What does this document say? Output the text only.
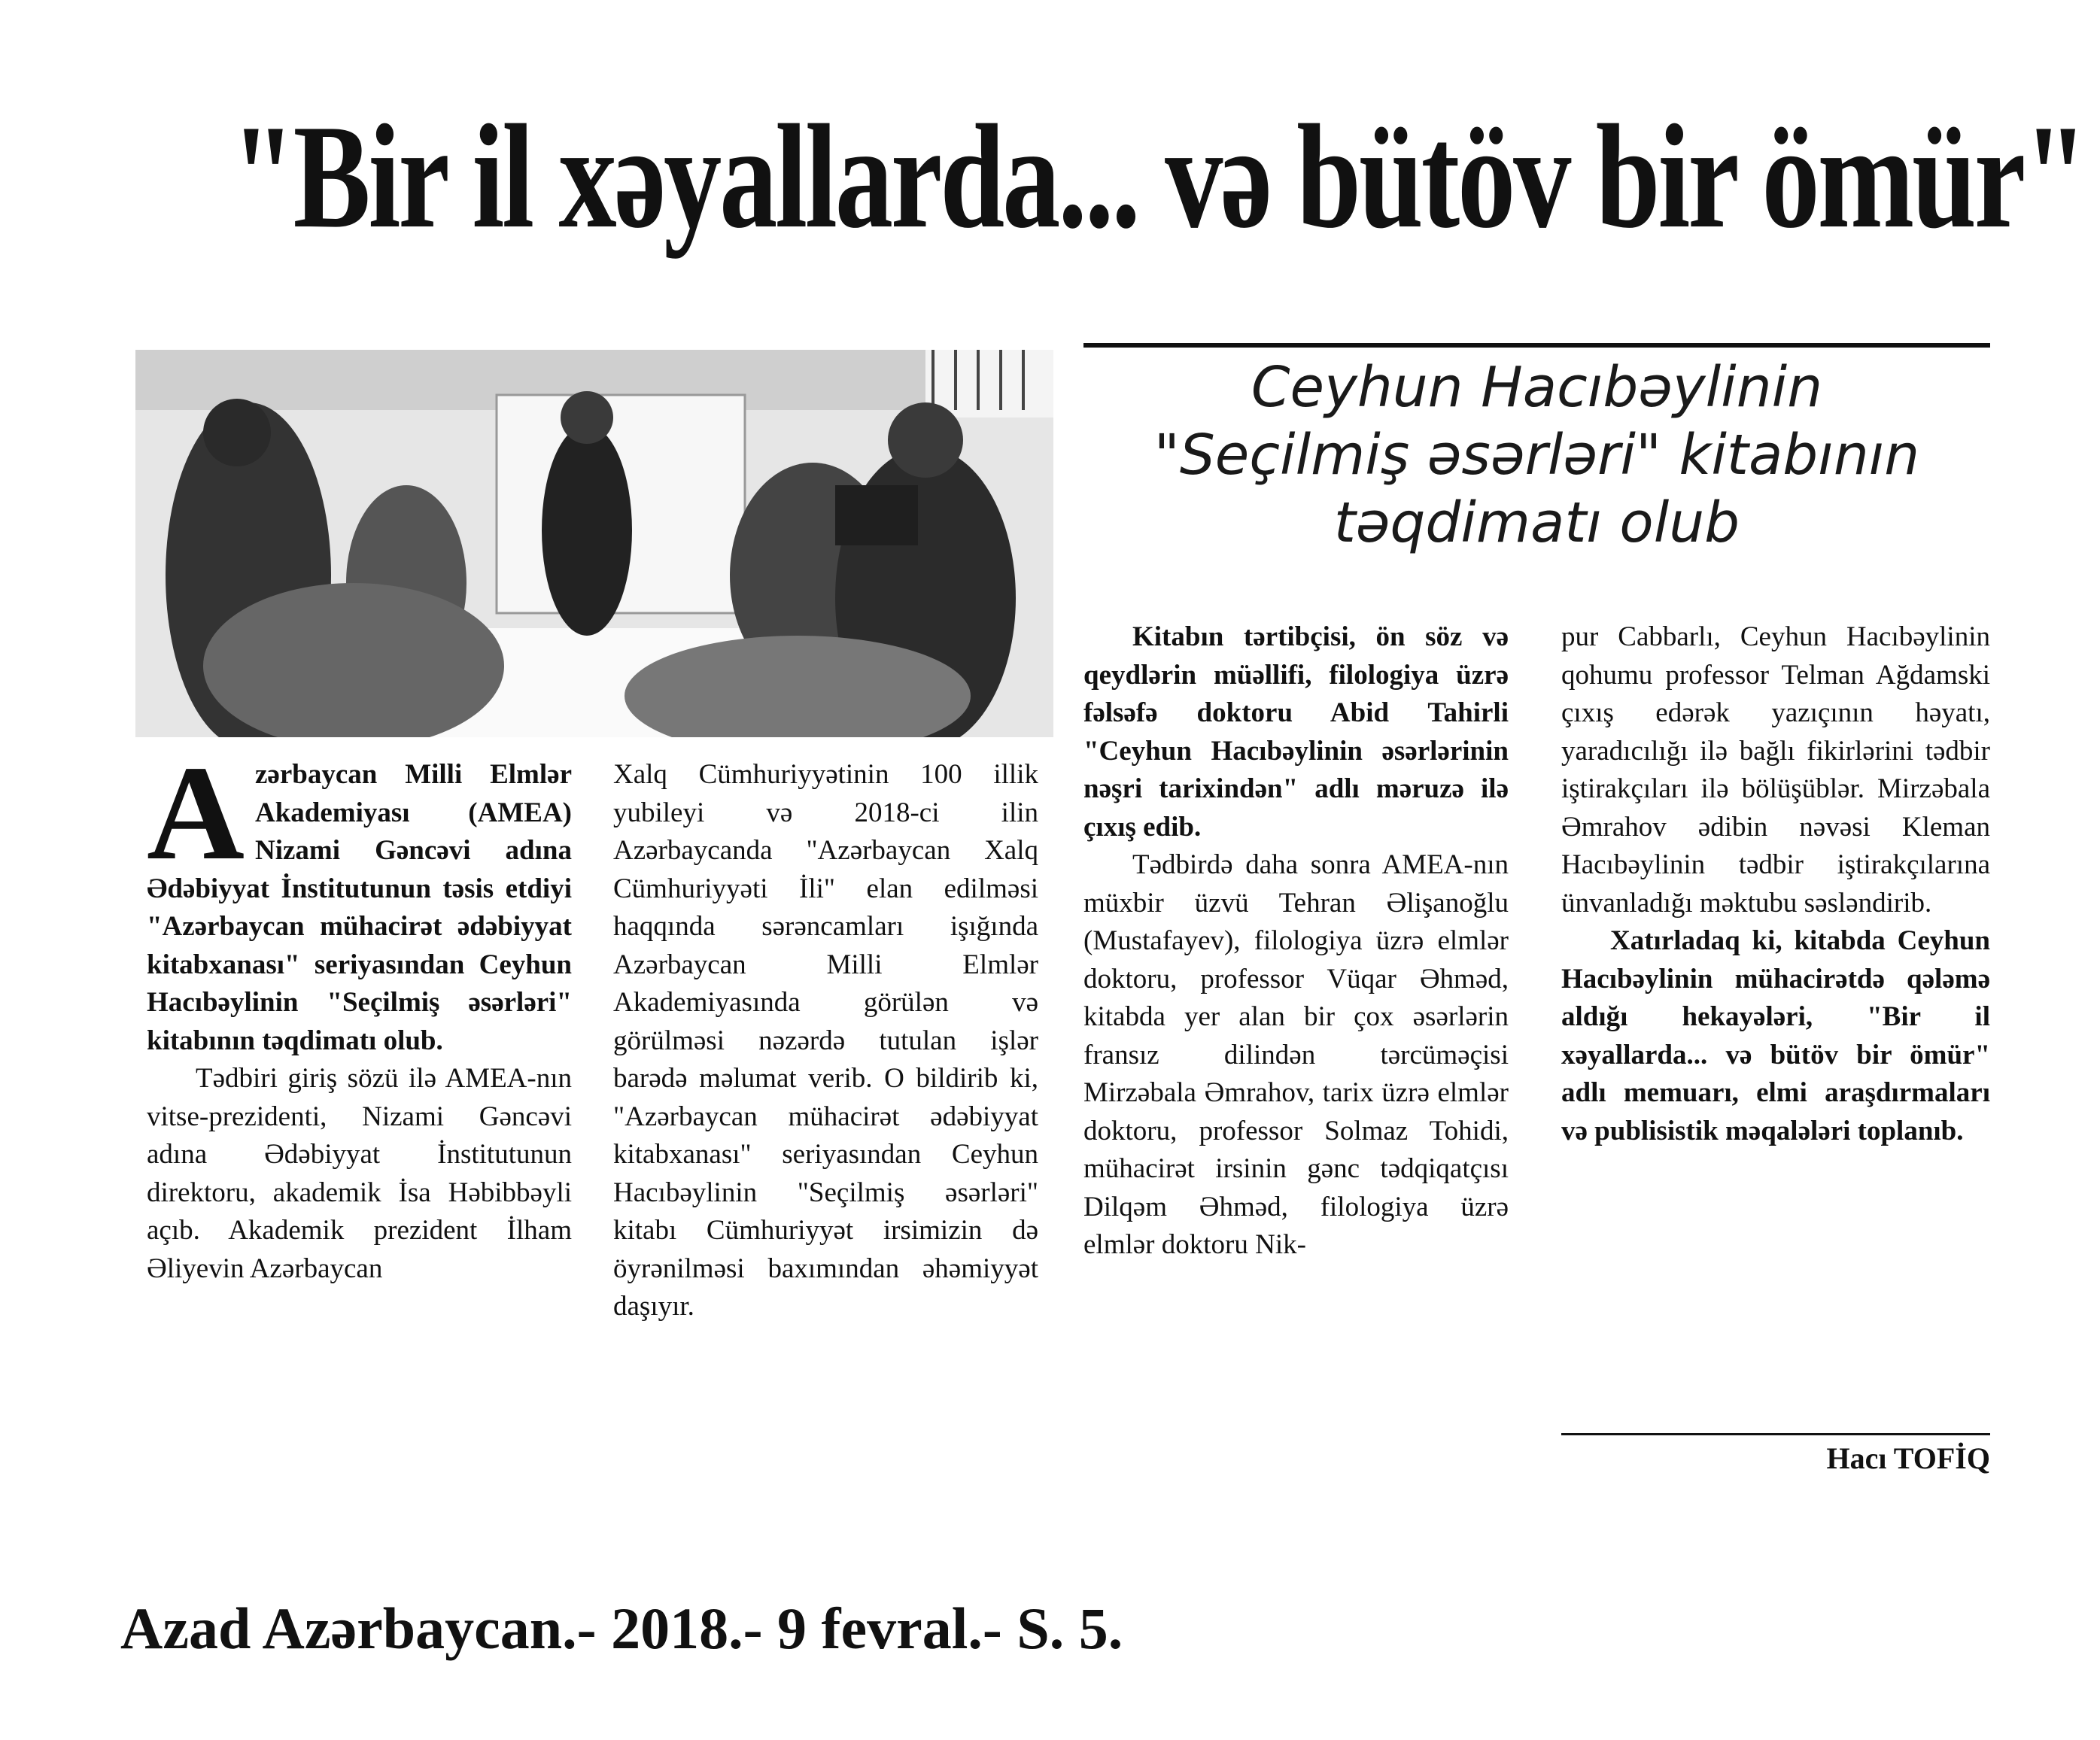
"Bir il xəyallarda... və bütöv bir ömür"
Ceyhun Hacıbəylinin
"Seçilmiş əsərləri" kitabının
təqdimatı olub

Azərbaycan Milli Elmlər Akademiyası (AMEA) Nizami Gəncəvi adına Ədəbiyyat İnstitutunun təsis etdiyi "Azərbaycan mühacirət ədəbiyyat kitabxanası" seriyasından Ceyhun Hacıbəylinin "Seçilmiş əsərləri" kitabının təqdimatı olub.

Tədbiri giriş sözü ilə AMEA-nın vitse-prezidenti, Nizami Gəncəvi adına Ədəbiyyat İnstitutunun direktoru, akademik İsa Həbibbəyli açıb. Akademik prezident İlham Əliyevin Azərbaycan

Xalq Cümhuriyyətinin 100 illik yubileyi və 2018-ci ilin Azərbaycanda "Azərbaycan Xalq Cümhuriyyəti İli" elan edilməsi haqqında sərəncamları işığında Azərbaycan Milli Elmlər Akademiyasında görülən və görülməsi nəzərdə tutulan işlər barədə məlumat verib. O bildirib ki, "Azərbaycan mühacirət ədəbiyyat kitabxanası" seriyasından Ceyhun Hacıbəylinin "Seçilmiş əsərləri" kitabı Cümhuriyyət irsimizin də öyrənilməsi baxımından əhəmiyyət daşıyır.

Kitabın tərtibçisi, ön söz və qeydlərin müəllifi, filologiya üzrə fəlsəfə doktoru Abid Tahirli "Ceyhun Hacıbəylinin əsərlərinin nəşri tarixindən" adlı məruzə ilə çıxış edib.

Tədbirdə daha sonra AMEA-nın müxbir üzvü Tehran Əlişanoğlu (Mustafayev), filologiya üzrə elmlər doktoru, professor Vüqar Əhməd, kitabda yer alan bir çox əsərlərin fransız dilindən tərcüməçisi Mirzəbala Əmrahov, tarix üzrə elmlər doktoru, professor Solmaz Tohidi, mühacirət irsinin gənc tədqiqatçısı Dilqəm Əhməd, filologiya üzrə elmlər doktoru Nik-

pur Cabbarlı, Ceyhun Hacıbəylinin qohumu professor Telman Ağdamski çıxış edərək yazıçının həyatı, yaradıcılığı ilə bağlı fikirlərini tədbir iştirakçıları ilə bölüşüblər. Mirzəbala Əmrahov ədibin nəvəsi Kleman Hacıbəylinin tədbir iştirakçılarına ünvanladığı məktubu səsləndirib.

Xatırladaq ki, kitabda Ceyhun Hacıbəylinin mühacirətdə qələmə aldığı hekayələri, "Bir il xəyallarda... və bütöv bir ömür" adlı memuarı, elmi araşdırmaları və publisistik məqalələri toplanıb.

Hacı TOFİQ
Azad Azərbaycan.- 2018.- 9 fevral.- S. 5.
